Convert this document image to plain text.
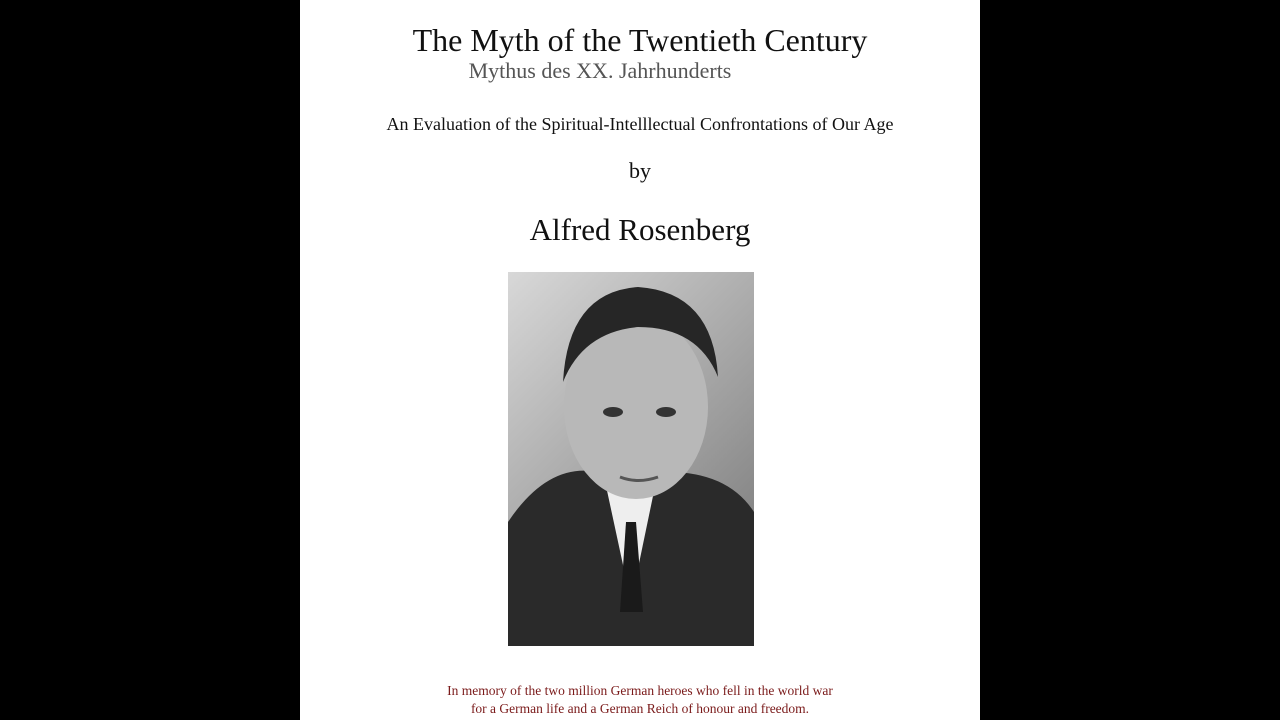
The Myth of the Twentieth Century
Mythus des XX. Jahrhunderts
An Evaluation of the Spiritual-Intelllectual Confrontations of Our Age
by
Alfred Rosenberg
In memory of the two million German heroes who fell in the world war
for a German life and a German Reich of honour and freedom.
